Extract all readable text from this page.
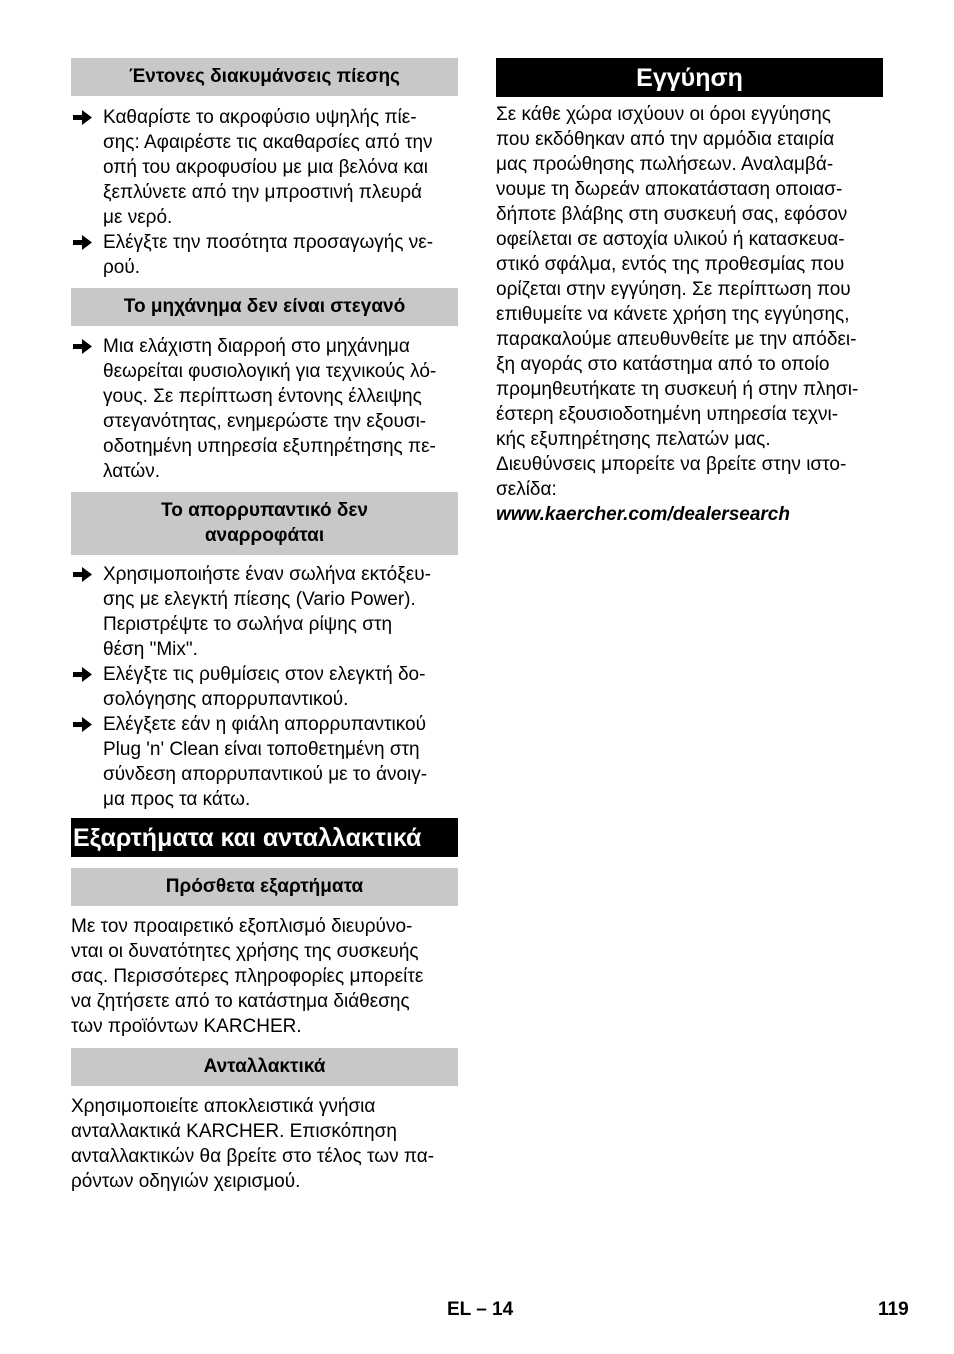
Έντονες διακυμάνσεις πίεσης
Καθαρίστε το ακροφύσιο υψηλής πίε-
σης: Αφαιρέστε τις ακαθαρσίες από την
οπή του ακροφυσίου με μια βελόνα και
ξεπλύνετε από την μπροστινή πλευρά
με νερό.
Ελέγξτε την ποσότητα προσαγωγής νε-
ρού.
Το μηχάνημα δεν είναι στεγανό
Μια ελάχιστη διαρροή στο μηχάνημα
θεωρείται φυσιολογική για τεχνικούς λό-
γους. Σε περίπτωση έντονης έλλειψης
στεγανότητας, ενημερώστε την εξουσι-
οδοτημένη υπηρεσία εξυπηρέτησης πε-
λατών.
Το απορρυπαντικό δεν
αναρροφάται
Χρησιμοποιήστε έναν σωλήνα εκτόξευ-
σης με ελεγκτή πίεσης (Vario Power).
Περιστρέψτε το σωλήνα ρίψης στη
θέση "Mix".
Ελέγξτε τις ρυθμίσεις στον ελεγκτή δο-
σολόγησης απορρυπαντικού.
Ελέγξετε εάν η φιάλη απορρυπαντικού
Plug 'n' Clean είναι τοποθετημένη στη
σύνδεση απορρυπαντικού με το άνοιγ-
μα προς τα κάτω.
Εξαρτήματα και ανταλλακτικά
Πρόσθετα εξαρτήματα

Με τον προαιρετικό εξοπλισμό διευρύνο-
νται οι δυνατότητες χρήσης της συσκευής
σας. Περισσότερες πληροφορίες μπορείτε
να ζητήσετε από το κατάστημα διάθεσης
των προϊόντων KARCHER.

Ανταλλακτικά

Χρησιμοποιείτε αποκλειστικά γνήσια
ανταλλακτικά KARCHER. Επισκόπηση
ανταλλακτικών θα βρείτε στο τέλος των πα-
ρόντων οδηγιών χειρισμού.

Εγγύηση

Σε κάθε χώρα ισχύουν οι όροι εγγύησης
που εκδόθηκαν από την αρμόδια εταιρία
μας προώθησης πωλήσεων. Αναλαμβά-
νουμε τη δωρεάν αποκατάσταση οποιασ-
δήποτε βλάβης στη συσκευή σας, εφόσον
οφείλεται σε αστοχία υλικού ή κατασκευα-
στικό σφάλμα, εντός της προθεσμίας που
ορίζεται στην εγγύηση. Σε περίπτωση που
επιθυμείτε να κάνετε χρήση της εγγύησης,
παρακαλούμε απευθυνθείτε με την απόδει-
ξη αγοράς στο κατάστημα από το οποίο
προμηθευτήκατε τη συσκευή ή στην πλησι-
έστερη εξουσιοδοτημένη υπηρεσία τεχνι-
κής εξυπηρέτησης πελατών μας.
Διευθύνσεις μπορείτε να βρείτε στην ιστο-
σελίδα:

www.kaercher.com/dealersearch

EL – 14	119
